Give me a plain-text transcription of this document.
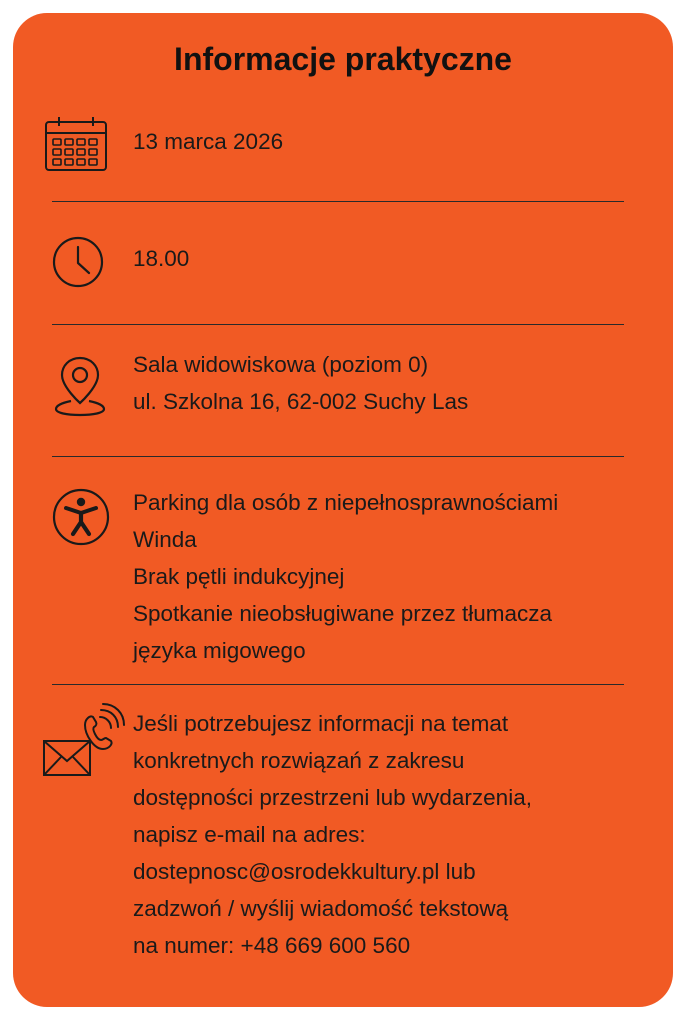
Informacje praktyczne
13 marca 2026
18.00
Sala widowiskowa (poziom 0)
ul. Szkolna 16, 62-002 Suchy Las
Parking dla osób z niepełnosprawnościami
Winda
Brak pętli indukcyjnej
Spotkanie nieobsługiwane przez tłumacza
języka migowego
Jeśli potrzebujesz informacji na temat
konkretnych rozwiązań z zakresu
dostępności przestrzeni lub wydarzenia,
napisz e-mail na adres:
dostepnosc@osrodekkultury.pl lub
zadzwoń / wyślij wiadomość tekstową
na numer: +48 669 600 560
